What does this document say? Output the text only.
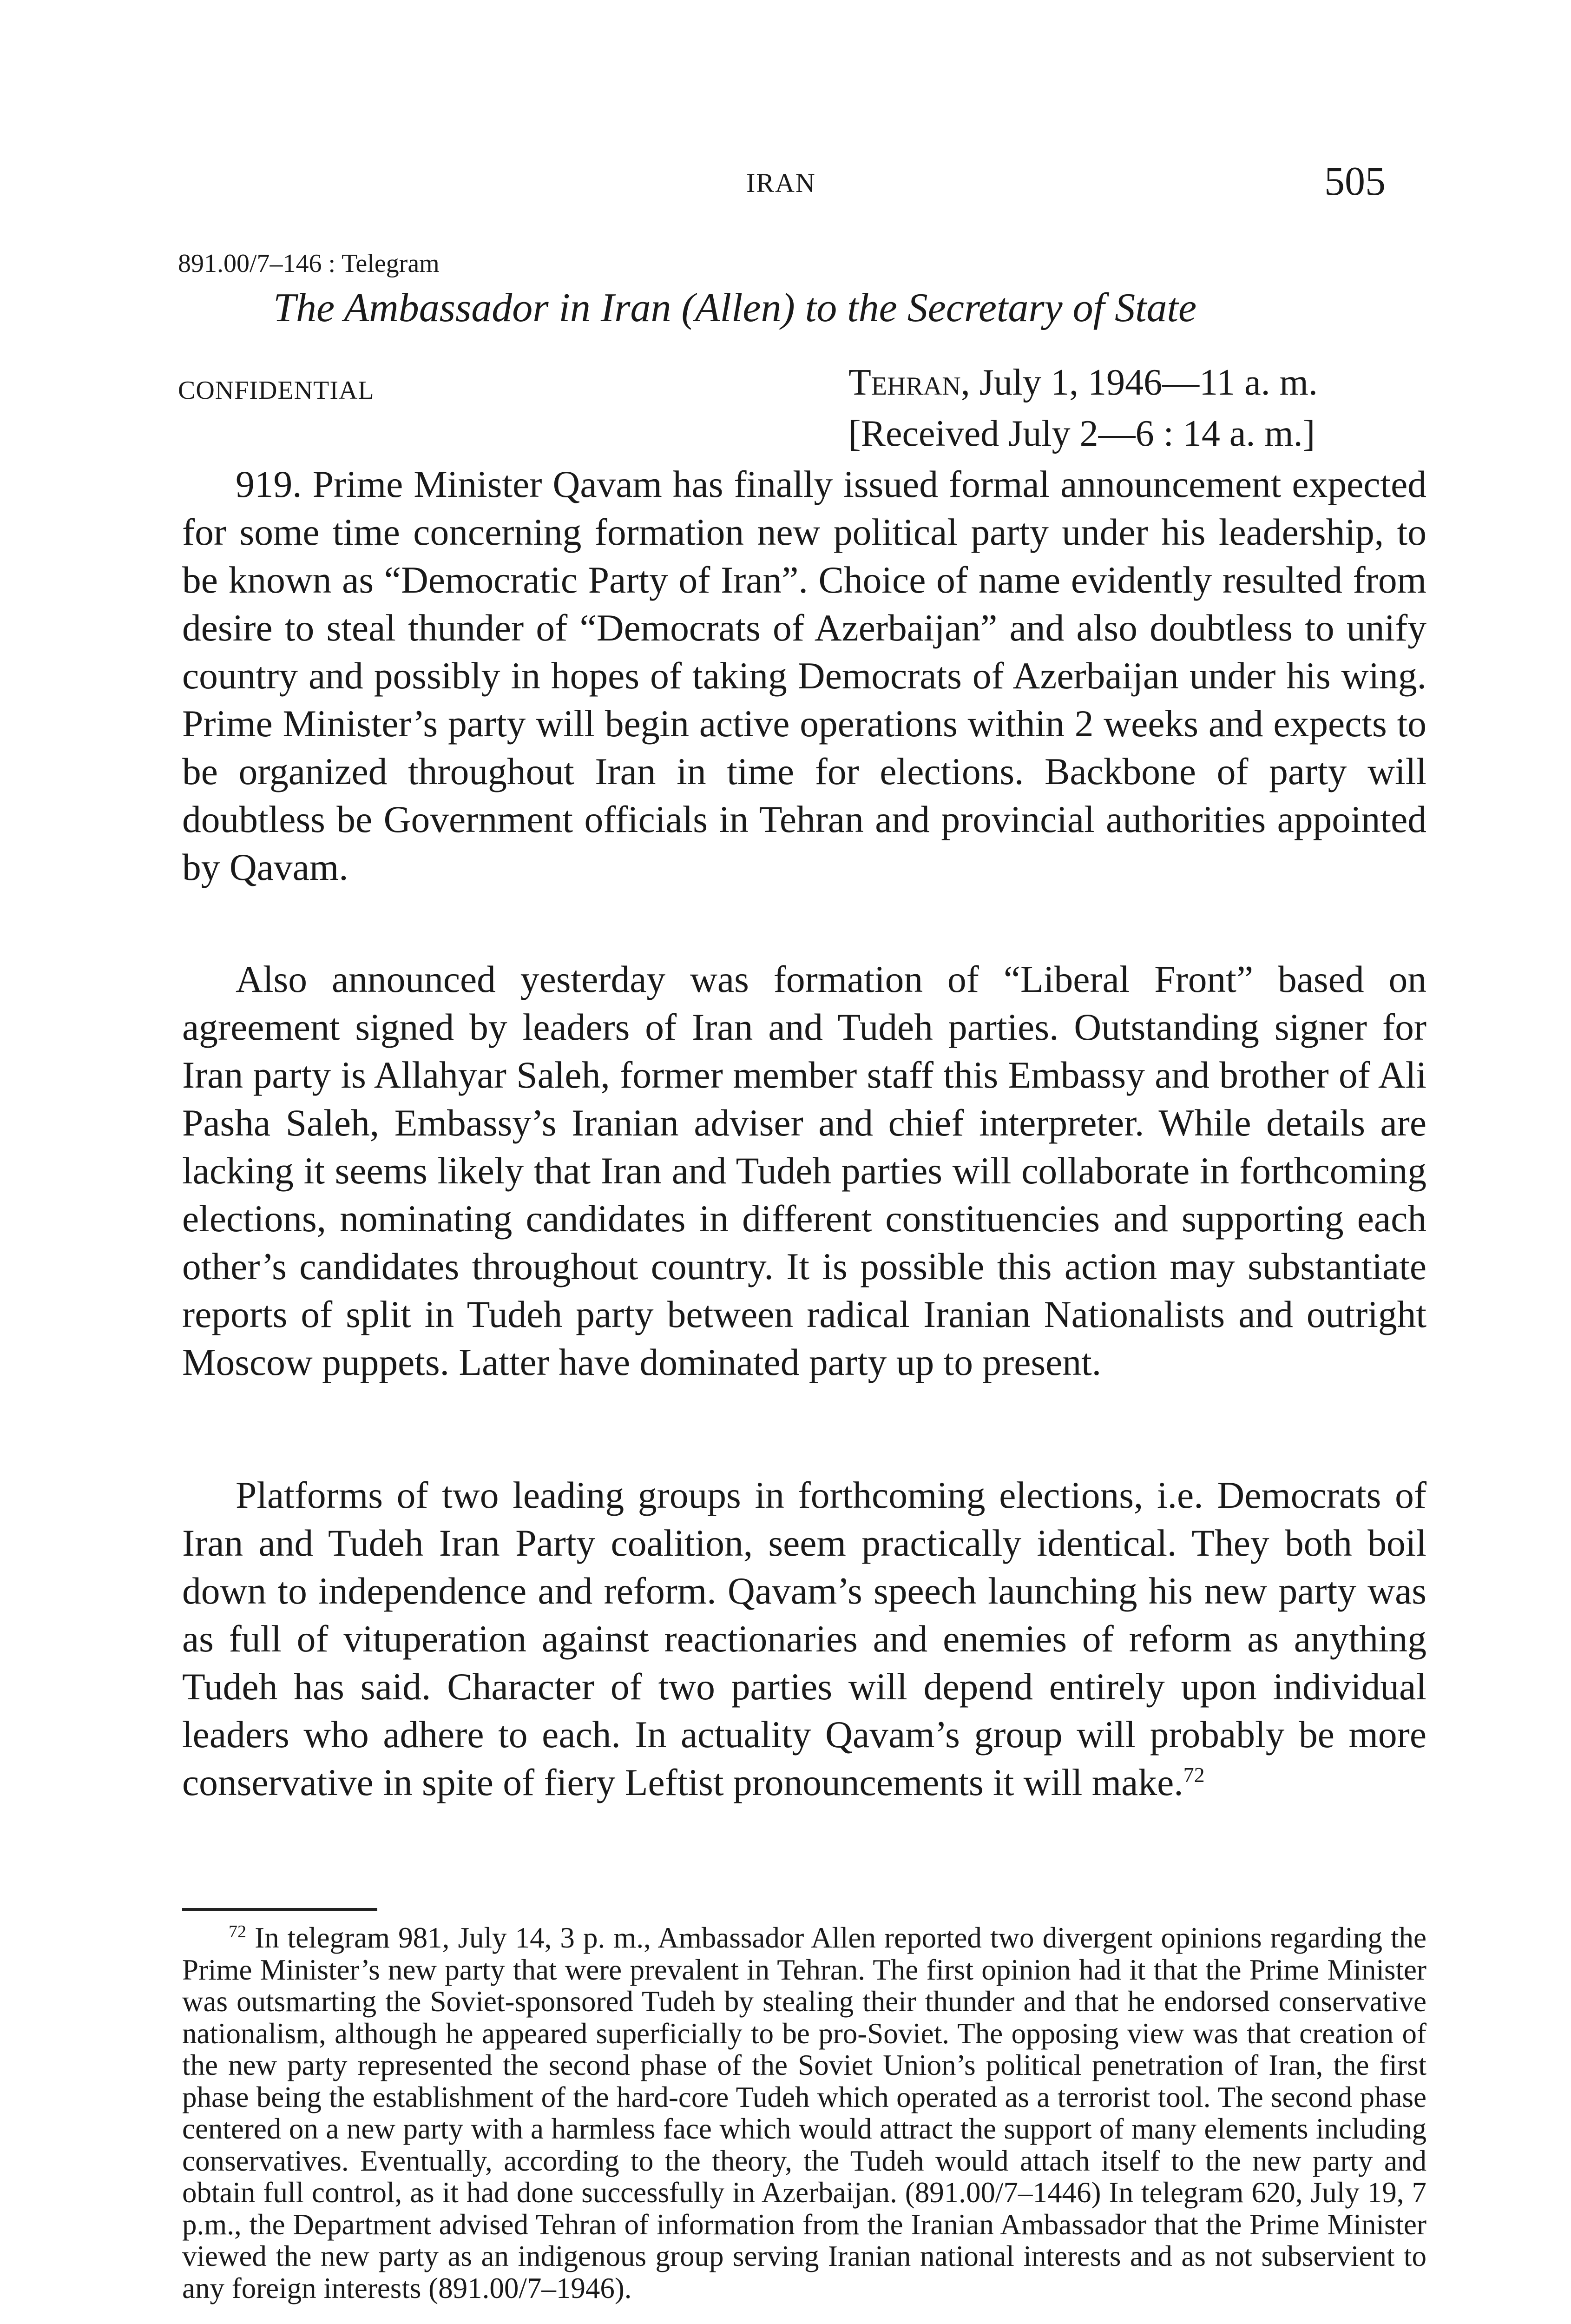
IRAN	505
891.00/7–146 : Telegram
The Ambassador in Iran (Allen) to the Secretary of State
CONFIDENTIAL	Tehran, July 1, 1946—11 a. m.
[Received July 2—6 : 14 a. m.]

919. Prime Minister Qavam has finally issued formal announcement expected for some time concerning formation new political party under his leadership, to be known as “Democratic Party of Iran”. Choice of name evidently resulted from desire to steal thunder of “Democrats of Azerbaijan” and also doubtless to unify country and possibly in hopes of taking Democrats of Azerbaijan under his wing. Prime Minister’s party will begin active operations within 2 weeks and expects to be organized throughout Iran in time for elections. Backbone of party will doubtless be Government officials in Tehran and provincial authorities appointed by Qavam.

Also announced yesterday was formation of “Liberal Front” based on agreement signed by leaders of Iran and Tudeh parties. Outstanding signer for Iran party is Allahyar Saleh, former member staff this Embassy and brother of Ali Pasha Saleh, Embassy’s Iranian adviser and chief interpreter. While details are lacking it seems likely that Iran and Tudeh parties will collaborate in forthcoming elections, nominating candidates in different constituencies and supporting each other’s candidates throughout country. It is possible this action may substantiate reports of split in Tudeh party between radical Iranian Nationalists and outright Moscow puppets. Latter have dominated party up to present.

Platforms of two leading groups in forthcoming elections, i.e. Democrats of Iran and Tudeh Iran Party coalition, seem practically identical. They both boil down to independence and reform. Qavam’s speech launching his new party was as full of vituperation against reactionaries and enemies of reform as anything Tudeh has said. Character of two parties will depend entirely upon individual leaders who adhere to each. In actuality Qavam’s group will probably be more conservative in spite of fiery Leftist pronouncements it will make.$^{72}$

$^{72}$ In telegram 981, July 14, 3 p. m., Ambassador Allen reported two divergent opinions regarding the Prime Minister’s new party that were prevalent in Tehran. The first opinion had it that the Prime Minister was outsmarting the Soviet-sponsored Tudeh by stealing their thunder and that he endorsed conservative nationalism, although he appeared superficially to be pro-Soviet. The opposing view was that creation of the new party represented the second phase of the Soviet Union’s political penetration of Iran, the first phase being the establishment of the hard-core Tudeh which operated as a terrorist tool. The second phase centered on a new party with a harmless face which would attract the support of many elements including conservatives. Eventually, according to the theory, the Tudeh would attach itself to the new party and obtain full control, as it had done successfully in Azerbaijan. (891.00/7–1446) In telegram 620, July 19, 7 p.m., the Department advised Tehran of information from the Iranian Ambassador that the Prime Minister viewed the new party as an indigenous group serving Iranian national interests and as not subservient to any foreign interests (891.00/7–1946).
